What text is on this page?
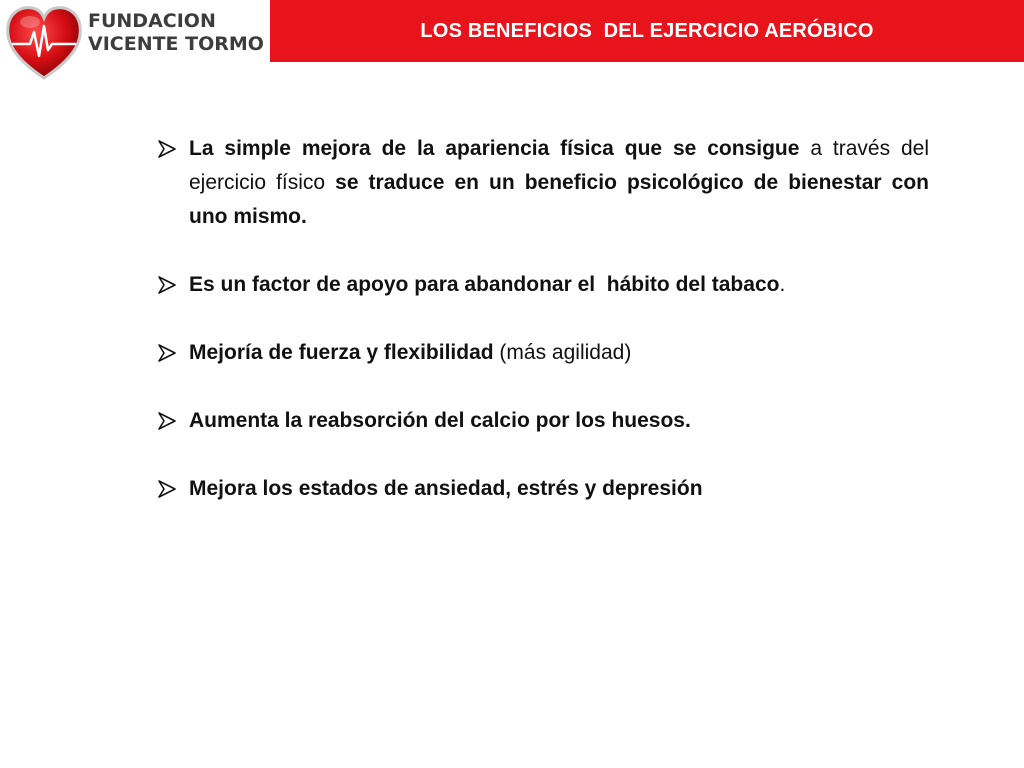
FUNDACION
VICENTE TORMO
LOS BENEFICIOS  DEL EJERCICIO AERÓBICO
La simple mejora de la apariencia física que se consigue a través del ejercicio físico se traduce en un beneficio psicológico de bienestar con uno mismo.
Es un factor de apoyo para abandonar el  hábito del tabaco.
Mejoría de fuerza y flexibilidad (más agilidad)
Aumenta la reabsorción del calcio por los huesos.
Mejora los estados de ansiedad, estrés y depresión
